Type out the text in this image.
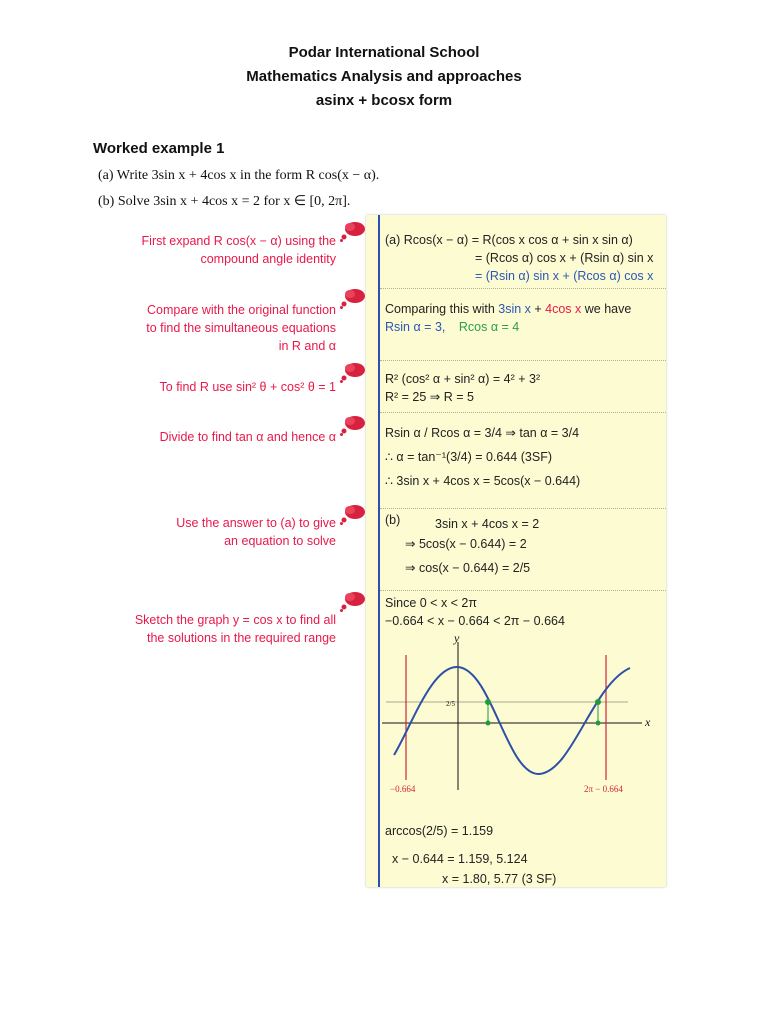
Podar International School
Mathematics Analysis and approaches
asinx + bcosx form
Worked example 1
(a) Write 3sin x + 4cos x in the form R cos(x − α).
(b) Solve 3sin x + 4cos x = 2 for x ∈ [0, 2π].
First expand R cos(x − α) using the
compound angle identity
Compare with the original function
to find the simultaneous equations
in R and α
To find R use sin² θ + cos² θ = 1
Divide to find tan α and hence α
Use the answer to (a) to give
an equation to solve
Sketch the graph y = cos x to find all
the solutions in the required range
(a) Rcos(x − α) = R(cos x cos α + sin x sin α)
= (Rcos α) cos x + (Rsin α) sin x
= (Rsin α) sin x + (Rcos α) cos x
Comparing this with 3sin x + 4cos x we have
Rsin α = 3, Rcos α = 4
R² (cos² α + sin² α) = 4² + 3²
R² = 25 ⇒ R = 5
Rsin α / Rcos α = 3/4 ⇒ tan α = 3/4
∴ α = tan⁻¹(3/4) = 0.644 (3SF)
∴ 3sin x + 4cos x = 5cos(x − 0.644)
(b)	3sin x + 4cos x = 2
⇒ 5cos(x − 0.644) = 2
⇒ cos(x − 0.644) = 2/5
Since 0 < x < 2π
−0.664 < x − 0.664 < 2π − 0.664
y
x
2/5
−0.664	2π − 0.664
arccos(2/5) = 1.159
x − 0.644 = 1.159, 5.124
x = 1.80, 5.77 (3 SF)
